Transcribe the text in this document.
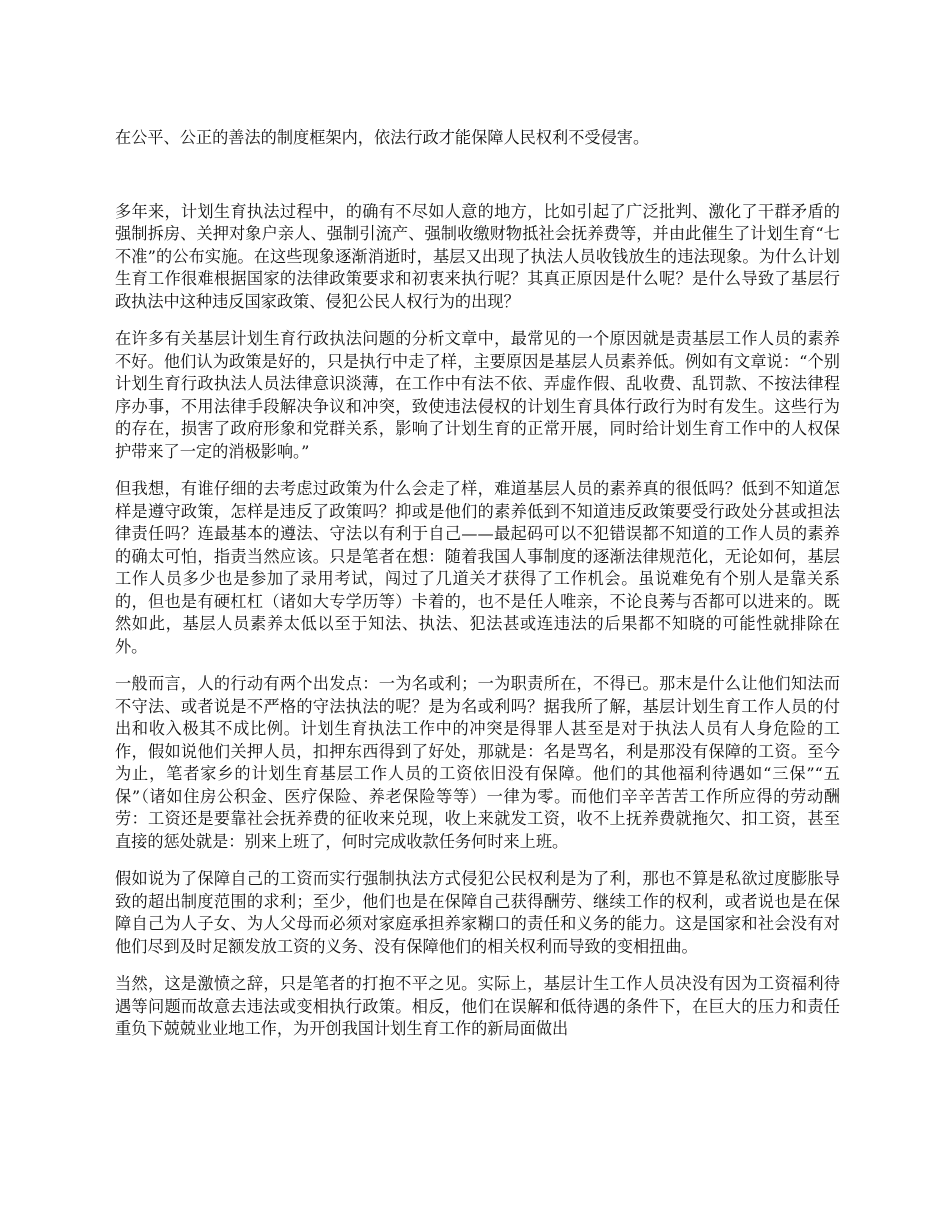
在公平、公正的善法的制度框架内，依法行政才能保障人民权利不受侵害。

多年来，计划生育执法过程中，的确有不尽如人意的地方，比如引起了广泛批判、激化了干群矛盾的强制拆房、关押对象户亲人、强制引流产、强制收缴财物抵社会抚养费等，并由此催生了计划生育“七不准”的公布实施。在这些现象逐渐消逝时，基层又出现了执法人员收钱放生的违法现象。为什么计划生育工作很难根据国家的法律政策要求和初衷来执行呢？其真正原因是什么呢？是什么导致了基层行政执法中这种违反国家政策、侵犯公民人权行为的出现？

在许多有关基层计划生育行政执法问题的分析文章中，最常见的一个原因就是责基层工作人员的素养不好。他们认为政策是好的，只是执行中走了样，主要原因是基层人员素养低。例如有文章说：“个别计划生育行政执法人员法律意识淡薄，在工作中有法不依、弄虚作假、乱收费、乱罚款、不按法律程序办事，不用法律手段解决争议和冲突，致使违法侵权的计划生育具体行政行为时有发生。这些行为的存在，损害了政府形象和党群关系，影响了计划生育的正常开展，同时给计划生育工作中的人权保护带来了一定的消极影响。”

但我想，有谁仔细的去考虑过政策为什么会走了样，难道基层人员的素养真的很低吗？低到不知道怎样是遵守政策，怎样是违反了政策吗？抑或是他们的素养低到不知道违反政策要受行政处分甚或担法律责任吗？连最基本的遵法、守法以有利于自己——最起码可以不犯错误都不知道的工作人员的素养的确太可怕，指责当然应该。只是笔者在想：随着我国人事制度的逐渐法律规范化，无论如何，基层工作人员多少也是参加了录用考试，闯过了几道关才获得了工作机会。虽说难免有个别人是靠关系的，但也是有硬杠杠（诸如大专学历等）卡着的，也不是任人唯亲，不论良莠与否都可以进来的。既然如此，基层人员素养太低以至于知法、执法、犯法甚或连违法的后果都不知晓的可能性就排除在外。

一般而言，人的行动有两个出发点：一为名或利；一为职责所在，不得已。那末是什么让他们知法而不守法、或者说是不严格的守法执法的呢？是为名或利吗？据我所了解，基层计划生育工作人员的付出和收入极其不成比例。计划生育执法工作中的冲突是得罪人甚至是对于执法人员有人身危险的工作，假如说他们关押人员，扣押东西得到了好处，那就是：名是骂名，利是那没有保障的工资。至今为止，笔者家乡的计划生育基层工作人员的工资依旧没有保障。他们的其他福利待遇如“三保”“五保”（诸如住房公积金、医疗保险、养老保险等等）一律为零。而他们辛辛苦苦工作所应得的劳动酬劳：工资还是要靠社会抚养费的征收来兑现，收上来就发工资，收不上抚养费就拖欠、扣工资，甚至直接的惩处就是：别来上班了，何时完成收款任务何时来上班。

假如说为了保障自己的工资而实行强制执法方式侵犯公民权利是为了利，那也不算是私欲过度膨胀导致的超出制度范围的求利；至少，他们也是在保障自己获得酬劳、继续工作的权利，或者说也是在保障自己为人子女、为人父母而必须对家庭承担养家糊口的责任和义务的能力。这是国家和社会没有对他们尽到及时足额发放工资的义务、没有保障他们的相关权利而导致的变相扭曲。

当然，这是激愤之辞，只是笔者的打抱不平之见。实际上，基层计生工作人员决没有因为工资福利待遇等问题而故意去违法或变相执行政策。相反，他们在误解和低待遇的条件下，在巨大的压力和责任重负下兢兢业业地工作，为开创我国计划生育工作的新局面做出
